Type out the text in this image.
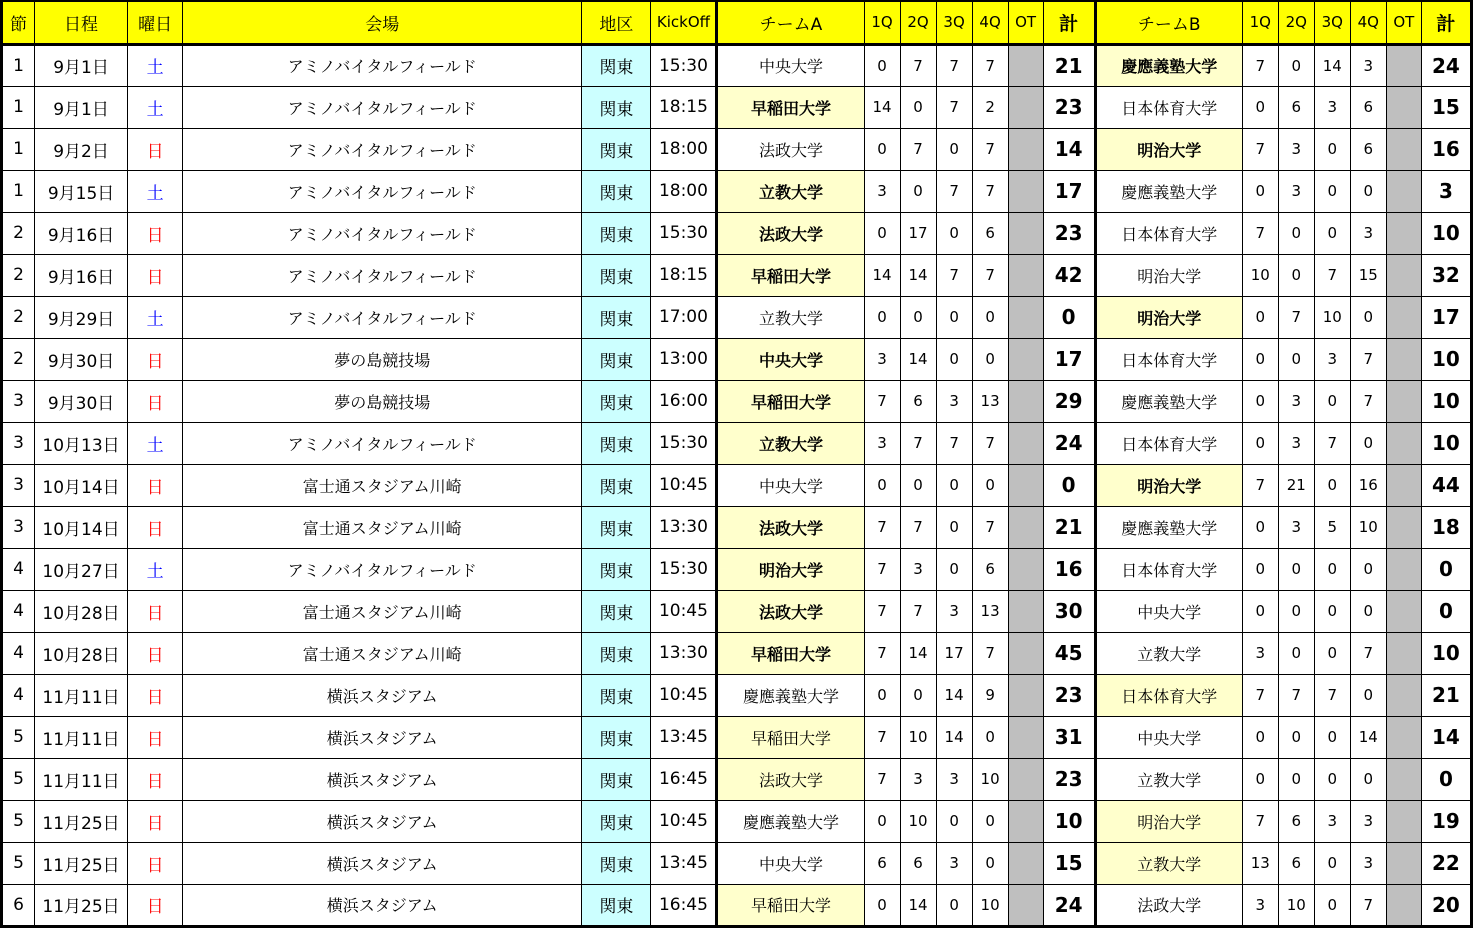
節	日程	曜日	会場	地区	KickOff	チームA	1Q	2Q	3Q	4Q	OT	計	チームB	1Q	2Q	3Q	4Q	OT	計
1	9月1日	土	アミノバイタルフィールド	関東	15:30	中央大学	0	7	7	7		21	慶應義塾大学	7	0	14	3		24
1	9月1日	土	アミノバイタルフィールド	関東	18:15	早稲田大学	14	0	7	2		23	日本体育大学	0	6	3	6		15
1	9月2日	日	アミノバイタルフィールド	関東	18:00	法政大学	0	7	0	7		14	明治大学	7	3	0	6		16
1	9月15日	土	アミノバイタルフィールド	関東	18:00	立教大学	3	0	7	7		17	慶應義塾大学	0	3	0	0		3
2	9月16日	日	アミノバイタルフィールド	関東	15:30	法政大学	0	17	0	6		23	日本体育大学	7	0	0	3		10
2	9月16日	日	アミノバイタルフィールド	関東	18:15	早稲田大学	14	14	7	7		42	明治大学	10	0	7	15		32
2	9月29日	土	アミノバイタルフィールド	関東	17:00	立教大学	0	0	0	0		0	明治大学	0	7	10	0		17
2	9月30日	日	夢の島競技場	関東	13:00	中央大学	3	14	0	0		17	日本体育大学	0	0	3	7		10
3	9月30日	日	夢の島競技場	関東	16:00	早稲田大学	7	6	3	13		29	慶應義塾大学	0	3	0	7		10
3	10月13日	土	アミノバイタルフィールド	関東	15:30	立教大学	3	7	7	7		24	日本体育大学	0	3	7	0		10
3	10月14日	日	富士通スタジアム川崎	関東	10:45	中央大学	0	0	0	0		0	明治大学	7	21	0	16		44
3	10月14日	日	富士通スタジアム川崎	関東	13:30	法政大学	7	7	0	7		21	慶應義塾大学	0	3	5	10		18
4	10月27日	土	アミノバイタルフィールド	関東	15:30	明治大学	7	3	0	6		16	日本体育大学	0	0	0	0		0
4	10月28日	日	富士通スタジアム川崎	関東	10:45	法政大学	7	7	3	13		30	中央大学	0	0	0	0		0
4	10月28日	日	富士通スタジアム川崎	関東	13:30	早稲田大学	7	14	17	7		45	立教大学	3	0	0	7		10
4	11月11日	日	横浜スタジアム	関東	10:45	慶應義塾大学	0	0	14	9		23	日本体育大学	7	7	7	0		21
5	11月11日	日	横浜スタジアム	関東	13:45	早稲田大学	7	10	14	0		31	中央大学	0	0	0	14		14
5	11月11日	日	横浜スタジアム	関東	16:45	法政大学	7	3	3	10		23	立教大学	0	0	0	0		0
5	11月25日	日	横浜スタジアム	関東	10:45	慶應義塾大学	0	10	0	0		10	明治大学	7	6	3	3		19
5	11月25日	日	横浜スタジアム	関東	13:45	中央大学	6	6	3	0		15	立教大学	13	6	0	3		22
6	11月25日	日	横浜スタジアム	関東	16:45	早稲田大学	0	14	0	10		24	法政大学	3	10	0	7		20
